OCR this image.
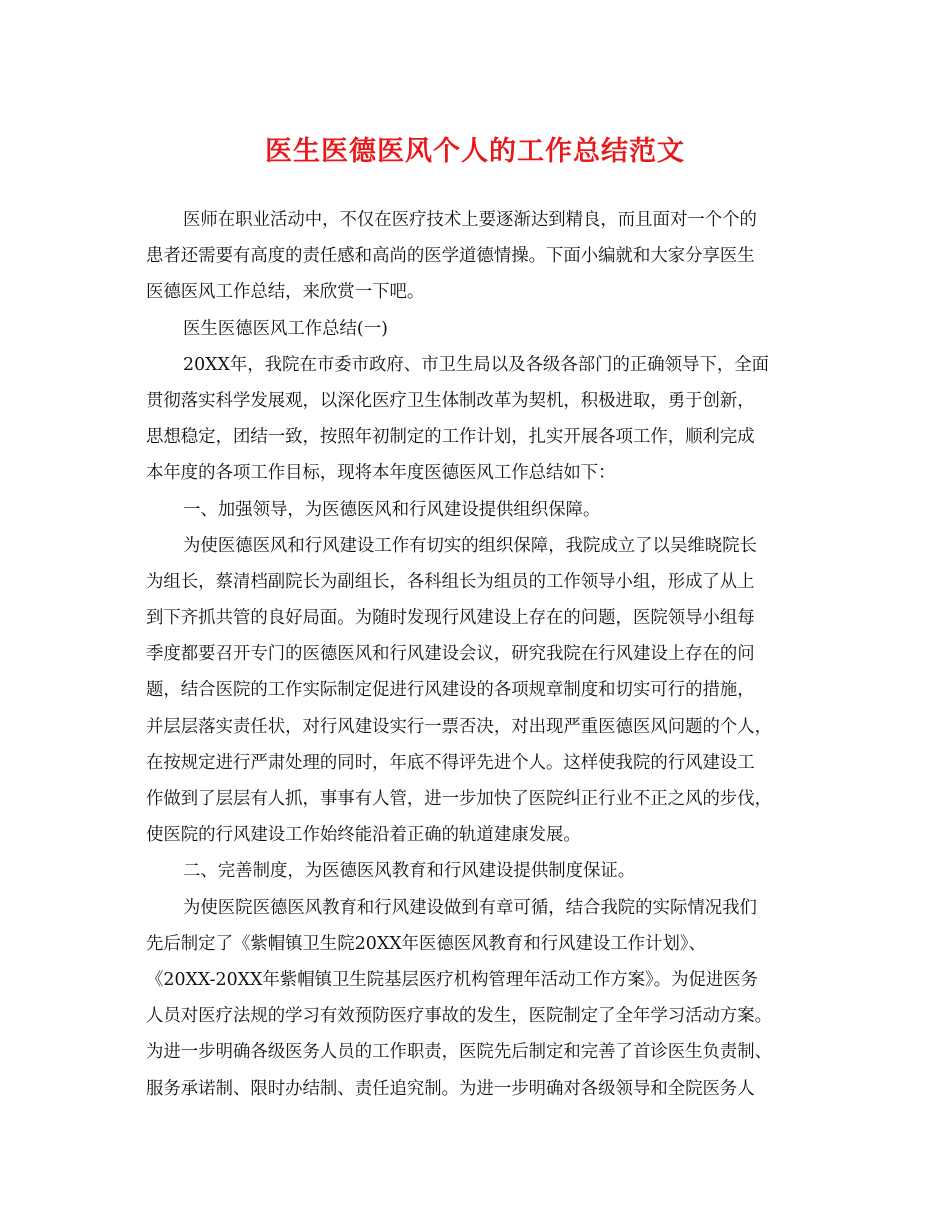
医生医德医风个人的工作总结范文
医师在职业活动中，不仅在医疗技术上要逐渐达到精良，而且面对一个个的
患者还需要有高度的责任感和高尚的医学道德情操。下面小编就和大家分享医生
医德医风工作总结，来欣赏一下吧。
医生医德医风工作总结(一)
20XX年，我院在市委市政府、市卫生局以及各级各部门的正确领导下，全面
贯彻落实科学发展观，以深化医疗卫生体制改革为契机，积极进取，勇于创新，
思想稳定，团结一致，按照年初制定的工作计划，扎实开展各项工作，顺利完成
本年度的各项工作目标，现将本年度医德医风工作总结如下：
一、加强领导，为医德医风和行风建设提供组织保障。
为使医德医风和行风建设工作有切实的组织保障，我院成立了以吴维晓院长
为组长，蔡清档副院长为副组长，各科组长为组员的工作领导小组，形成了从上
到下齐抓共管的良好局面。为随时发现行风建设上存在的问题，医院领导小组每
季度都要召开专门的医德医风和行风建设会议，研究我院在行风建设上存在的问
题，结合医院的工作实际制定促进行风建设的各项规章制度和切实可行的措施，
并层层落实责任状，对行风建设实行一票否决，对出现严重医德医风问题的个人，
在按规定进行严肃处理的同时，年底不得评先进个人。这样使我院的行风建设工
作做到了层层有人抓，事事有人管，进一步加快了医院纠正行业不正之风的步伐，
使医院的行风建设工作始终能沿着正确的轨道建康发展。
二、完善制度，为医德医风教育和行风建设提供制度保证。
为使医院医德医风教育和行风建设做到有章可循，结合我院的实际情况我们
先后制定了《紫帽镇卫生院20XX年医德医风教育和行风建设工作计划》、
《20XX-20XX年紫帽镇卫生院基层医疗机构管理年活动工作方案》。为促进医务
人员对医疗法规的学习有效预防医疗事故的发生，医院制定了全年学习活动方案。
为进一步明确各级医务人员的工作职责，医院先后制定和完善了首诊医生负责制、
服务承诺制、限时办结制、责任追究制。为进一步明确对各级领导和全院医务人
